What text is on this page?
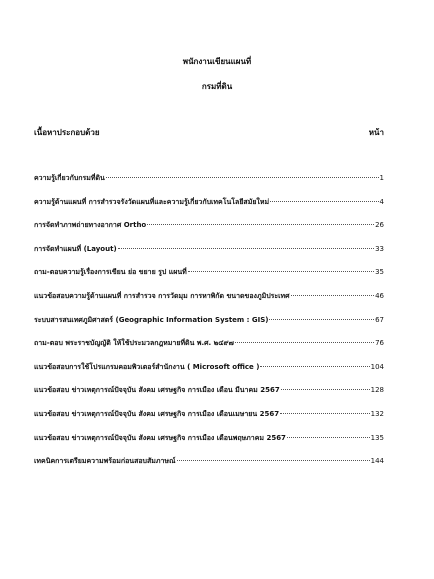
พนักงานเขียนแผนที่
กรมที่ดิน
เนื้อหาประกอบด้วย	หน้า
ความรู้เกี่ยวกับกรมที่ดิน	1
ความรู้ด้านแผนที่ การสำรวจรังวัดแผนที่และความรู้เกี่ยวกับเทคโนโลยีสมัยใหม่	4
การจัดทำภาพถ่ายทางอากาศ Ortho	26
การจัดทำแผนที่ (Layout)	33
ถาม-ตอบความรู้เรื่องการเขียน ย่อ ขยาย รูป แผนที่	35
แนวข้อสอบความรู้ด้านแผนที่ การสำรวจ การวัดมุม การหาพิกัด ขนาดของภูมิประเทศ	46
ระบบสารสนเทศภูมิศาสตร์ (Geographic Information System : GIS)	67
ถาม-ตอบ พระราชบัญญัติ ให้ใช้ประมวลกฎหมายที่ดิน พ.ศ. ๒๔๙๗	76
แนวข้อสอบการใช้โปรแกรมคอมพิวเตอร์สำนักงาน ( Microsoft office )	104
แนวข้อสอบ ข่าวเหตุการณ์ปัจจุบัน สังคม เศรษฐกิจ การเมือง เดือน มีนาคม 2567	128
แนวข้อสอบ ข่าวเหตุการณ์ปัจจุบัน สังคม เศรษฐกิจ การเมือง เดือนเมษายน 2567	132
แนวข้อสอบ ข่าวเหตุการณ์ปัจจุบัน สังคม เศรษฐกิจ การเมือง เดือนพฤษภาคม 2567	135
เทคนิคการเตรียมความพร้อมก่อนสอบสัมภาษณ์	144
